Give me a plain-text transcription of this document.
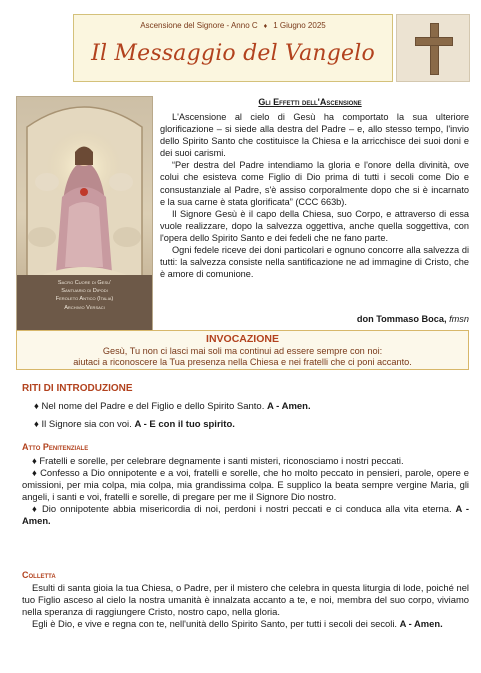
Ascensione del Signore - Anno C ♦ 1 Giugno 2025
Il Messaggio del Vangelo
Sacro Cuore di Gesu'
Santuario di Dipodi
Feroleto Antico (Italia)
Archivio Versaci
Gli Effetti dell'Ascensione

L'Ascensione al cielo di Gesù ha comportato la sua ulteriore glorificazione – si siede alla destra del Padre – e, allo stesso tempo, l'invio dello Spirito Santo che costituisce la Chiesa e la arricchisce dei suoi doni e dei suoi carismi.

“Per destra del Padre intendiamo la gloria e l'onore della divinità, ove colui che esisteva come Figlio di Dio prima di tutti i secoli come Dio e consustanziale al Padre, s'è assiso corporalmente dopo che si è incarnato e la sua carne è stata glorificata” (CCC 663b).

Il Signore Gesù è il capo della Chiesa, suo Corpo, e attraverso di essa vuole realizzare, dopo la salvezza oggettiva, anche quella soggettiva, con l'opera dello Spirito Santo e dei fedeli che ne fano parte.

Ogni fedele riceve dei doni particolari e ognuno concorre alla salvezza di tutti: la salvezza consiste nella santificazione ne ad immagine di Cristo, che è amore di comunione.

don Tommaso Boca, fmsn
INVOCAZIONE
Gesù, Tu non ci lasci mai soli ma continui ad essere sempre con noi:
aiutaci a riconoscere la Tua presenza nella Chiesa e nei fratelli che ci poni accanto.
RITI DI INTRODUZIONE
♦ Nel nome del Padre e del Figlio e dello Spirito Santo. A - Amen.
♦ Il Signore sia con voi. A - E con il tuo spirito.
Atto Penitenziale

♦ Fratelli e sorelle, per celebrare degnamente i santi misteri, riconosciamo i nostri peccati.

♦ Confesso a Dio onnipotente e a voi, fratelli e sorelle, che ho molto peccato in pensieri, parole, opere e omissioni, per mia colpa, mia colpa, mia grandissima colpa. E supplico la beata sempre vergine Maria, gli angeli, i santi e voi, fratelli e sorelle, di pregare per me il Signore Dio nostro.

♦ Dio onnipotente abbia misericordia di noi, perdoni i nostri peccati e ci conduca alla vita eterna. A - Amen.

Colletta

Esulti di santa gioia la tua Chiesa, o Padre, per il mistero che celebra in questa liturgia di lode, poiché nel tuo Figlio asceso al cielo la nostra umanità è innalzata accanto a te, e noi, membra del suo corpo, viviamo nella speranza di raggiungere Cristo, nostro capo, nella gloria.

Egli è Dio, e vive e regna con te, nell'unità dello Spirito Santo, per tutti i secoli dei secoli. A - Amen.
